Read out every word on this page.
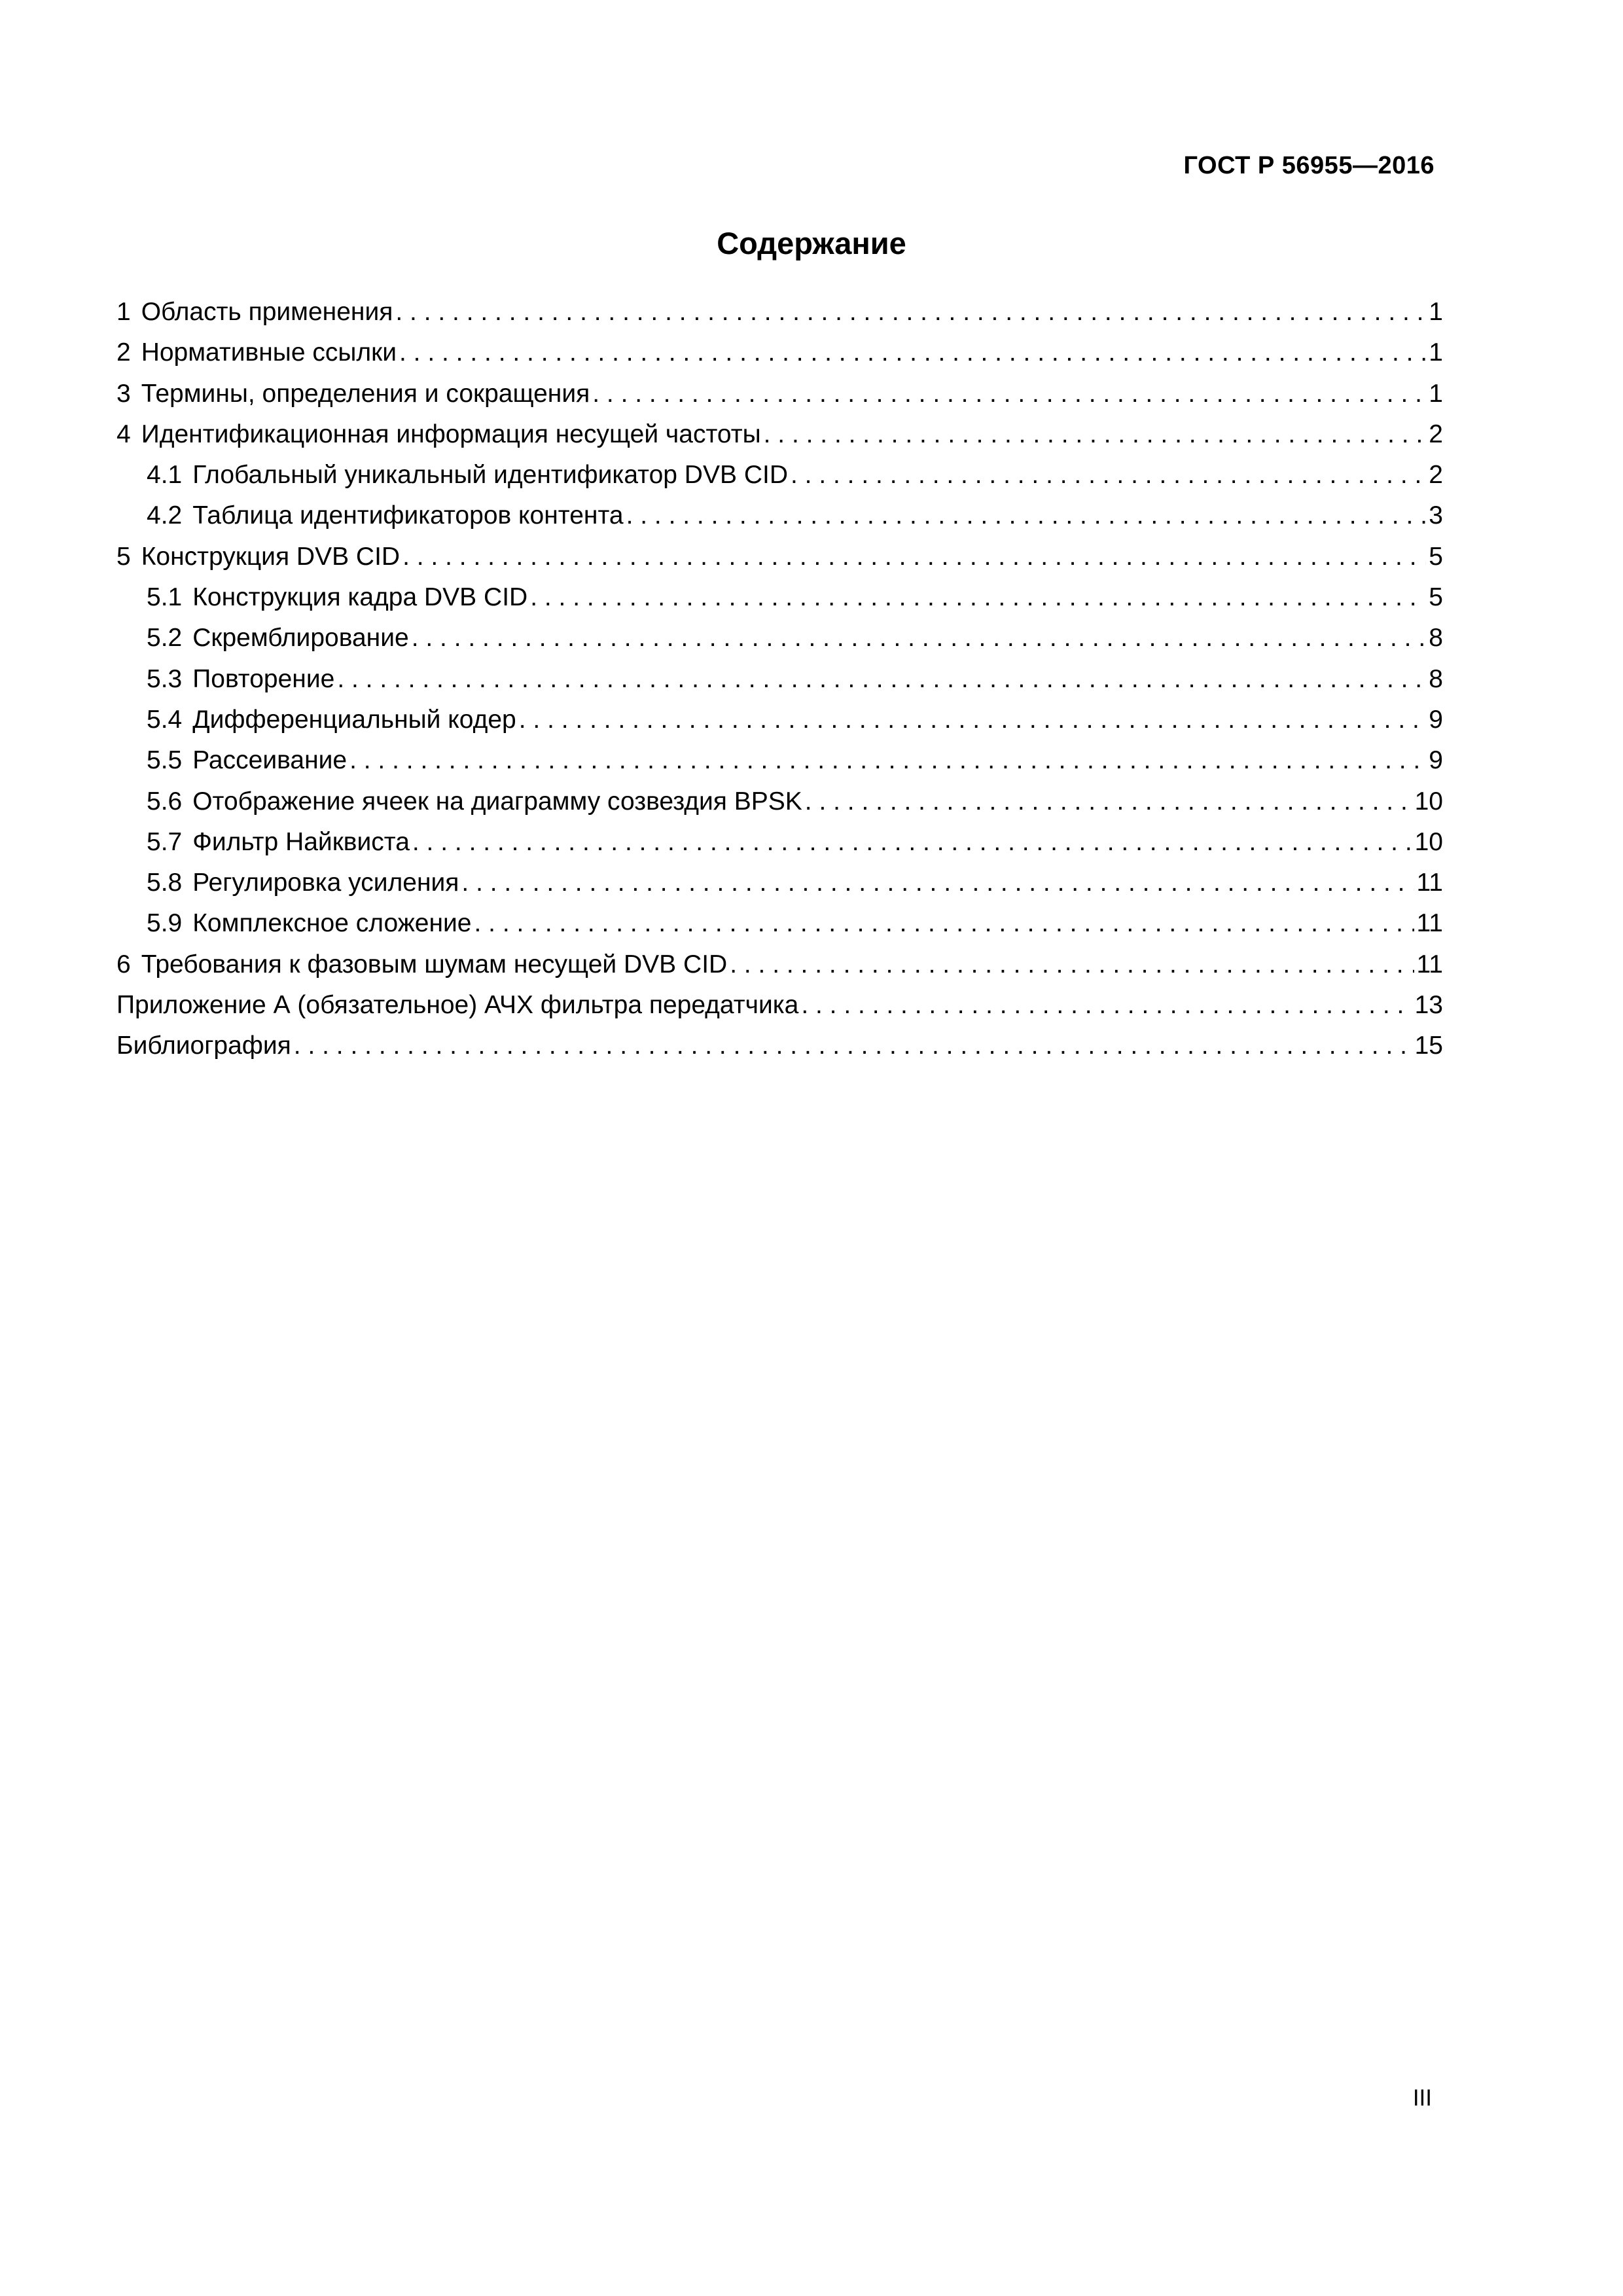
ГОСТ Р 56955—2016
Содержание
1 Область применения . . .	1
2 Нормативные ссылки . . .	1
3 Термины, определения и сокращения . . .	1
4 Идентификационная информация несущей частоты . . .	2
4.1 Глобальный уникальный идентификатор DVB CID . . .	2
4.2 Таблица идентификаторов контента . . .	3
5 Конструкция DVB CID . . .	5
5.1 Конструкция кадра DVB CID . . .	5
5.2 Скремблирование . . .	8
5.3 Повторение . . .	8
5.4 Дифференциальный кодер . . .	9
5.5 Рассеивание . . .	9
5.6 Отображение ячеек на диаграмму созвездия BPSK . . .	10
5.7 Фильтр Найквиста . . .	10
5.8 Регулировка усиления . . .	11
5.9 Комплексное сложение . . .	11
6 Требования к фазовым шумам несущей DVB CID . . .	11
Приложение А (обязательное) АЧХ фильтра передатчика . . .	13
Библиография . . .	15
III
